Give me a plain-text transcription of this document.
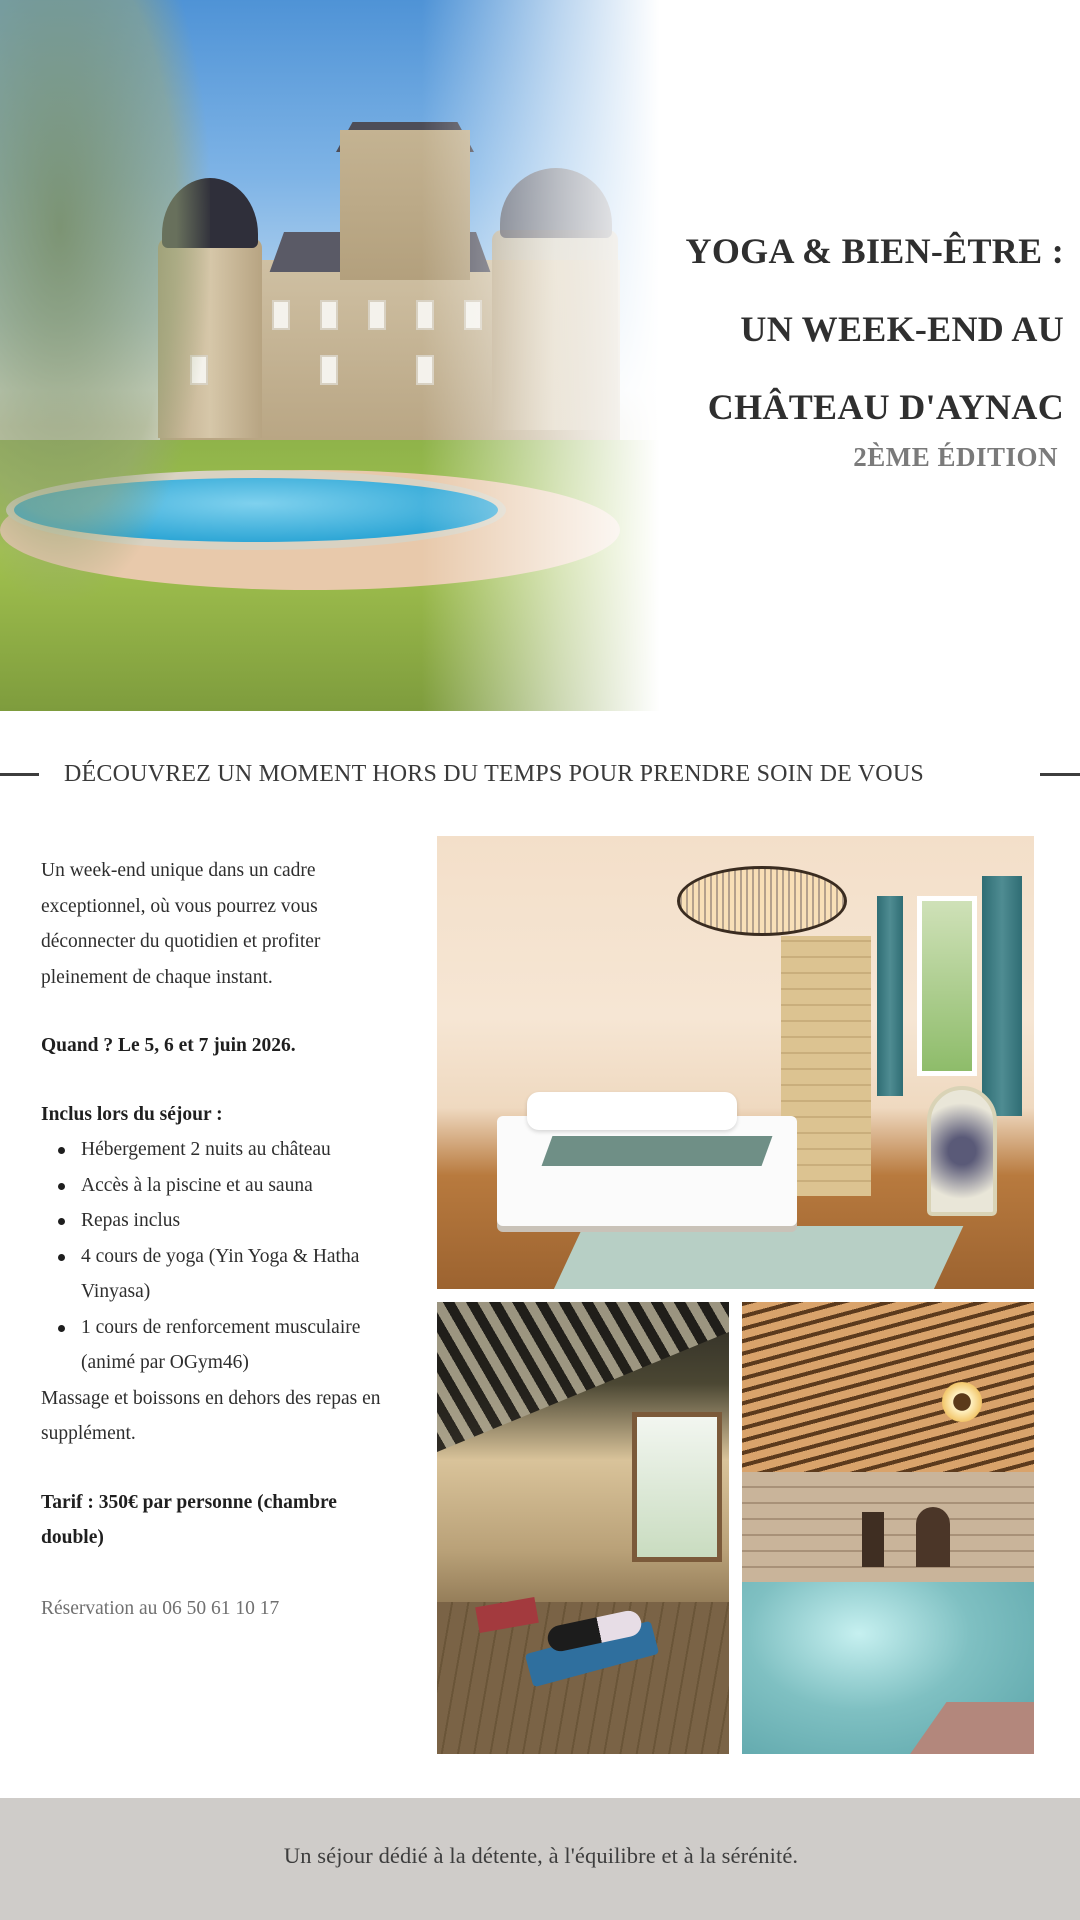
YOGA & BIEN-ÊTRE :
UN WEEK-END AU
CHÂTEAU D'AYNAC
2ÈME ÉDITION
DÉCOUVREZ UN MOMENT HORS DU TEMPS POUR PRENDRE SOIN DE VOUS

Un week-end unique dans un cadre exceptionnel, où vous pourrez vous déconnecter du quotidien et profiter pleinement de chaque instant.

Quand ? Le 5, 6 et 7 juin 2026.

Inclus lors du séjour :

Hébergement 2 nuits au château
Accès à la piscine et au sauna
Repas inclus
4 cours de yoga (Yin Yoga & Hatha Vinyasa)
1 cours de renforcement musculaire (animé par OGym46)

Massage et boissons en dehors des repas en supplément.

Tarif : 350€ par personne (chambre double)

Réservation au 06 50 61 10 17

Un séjour dédié à la détente, à l'équilibre et à la sérénité.
